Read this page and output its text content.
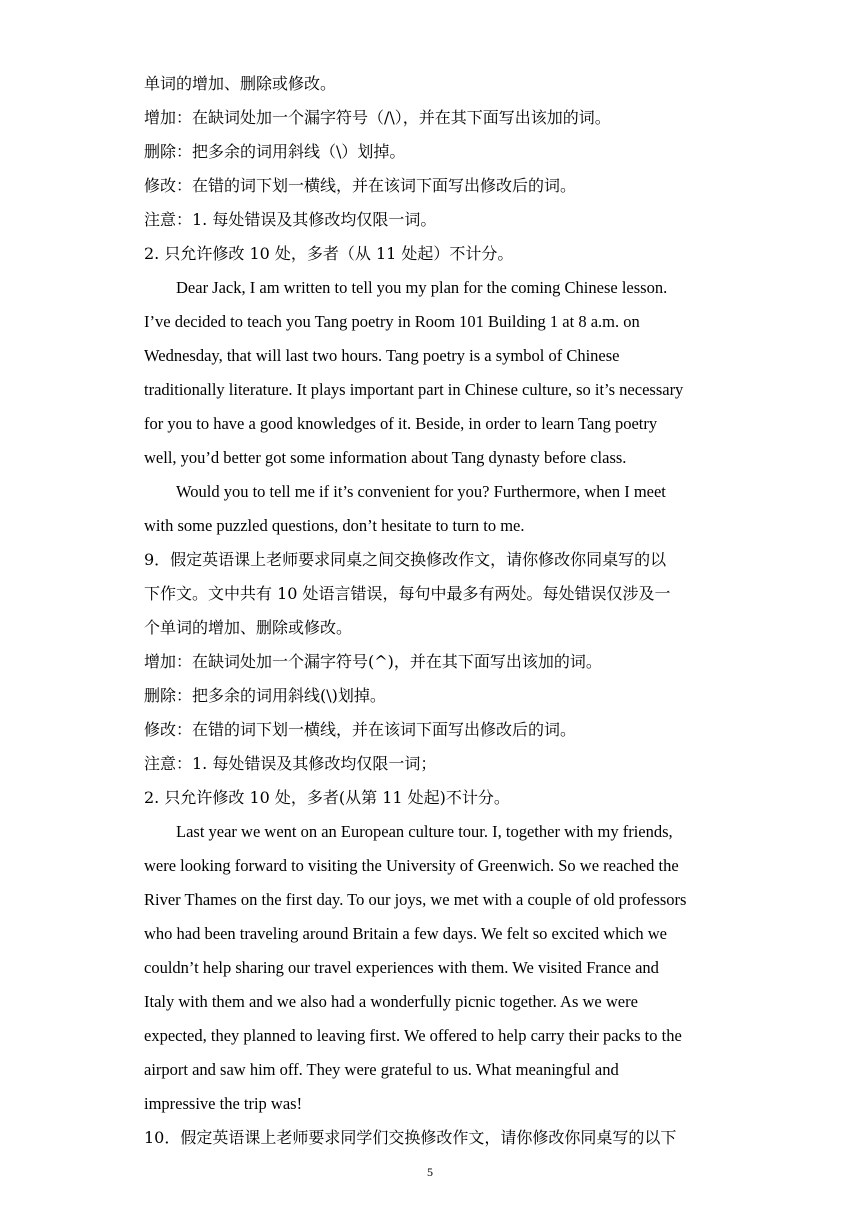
单词的增加、删除或修改。
增加：在缺词处加一个漏字符号（/\），并在其下面写出该加的词。
删除：把多余的词用斜线（\）划掉。
修改：在错的词下划一横线，并在该词下面写出修改后的词。
注意：1. 每处错误及其修改均仅限一词。
2. 只允许修改 10 处，多者（从 11 处起）不计分。
Dear Jack, I am written to tell you my plan for the coming Chinese lesson.
I’ve decided to teach you Tang poetry in Room 101 Building 1 at 8 a.m. on
Wednesday, that will last two hours. Tang poetry is a symbol of Chinese
traditionally literature. It plays important part in Chinese culture, so it’s necessary
for you to have a good knowledges of it. Beside, in order to learn Tang poetry
well, you’d better got some information about Tang dynasty before class.
Would you to tell me if it’s convenient for you? Furthermore, when I meet
with some puzzled questions, don’t hesitate to turn to me.
9．假定英语课上老师要求同桌之间交换修改作文，请你修改你同桌写的以
下作文。文中共有 10 处语言错误，每句中最多有两处。每处错误仅涉及一
个单词的增加、删除或修改。
增加：在缺词处加一个漏字符号(^)，并在其下面写出该加的词。
删除：把多余的词用斜线(\)划掉。
修改：在错的词下划一横线，并在该词下面写出修改后的词。
注意：1. 每处错误及其修改均仅限一词；
2. 只允许修改 10 处，多者(从第 11 处起)不计分。
Last year we went on an European culture tour. I, together with my friends,
were looking forward to visiting the University of Greenwich. So we reached the
River Thames on the first day. To our joys, we met with a couple of old professors
who had been traveling around Britain a few days. We felt so excited which we
couldn’t help sharing our travel experiences with them. We visited France and
Italy with them and we also had a wonderfully picnic together. As we were
expected, they planned to leaving first. We offered to help carry their packs to the
airport and saw him off. They were grateful to us. What meaningful and
impressive the trip was!
10．假定英语课上老师要求同学们交换修改作文，请你修改你同桌写的以下
5
